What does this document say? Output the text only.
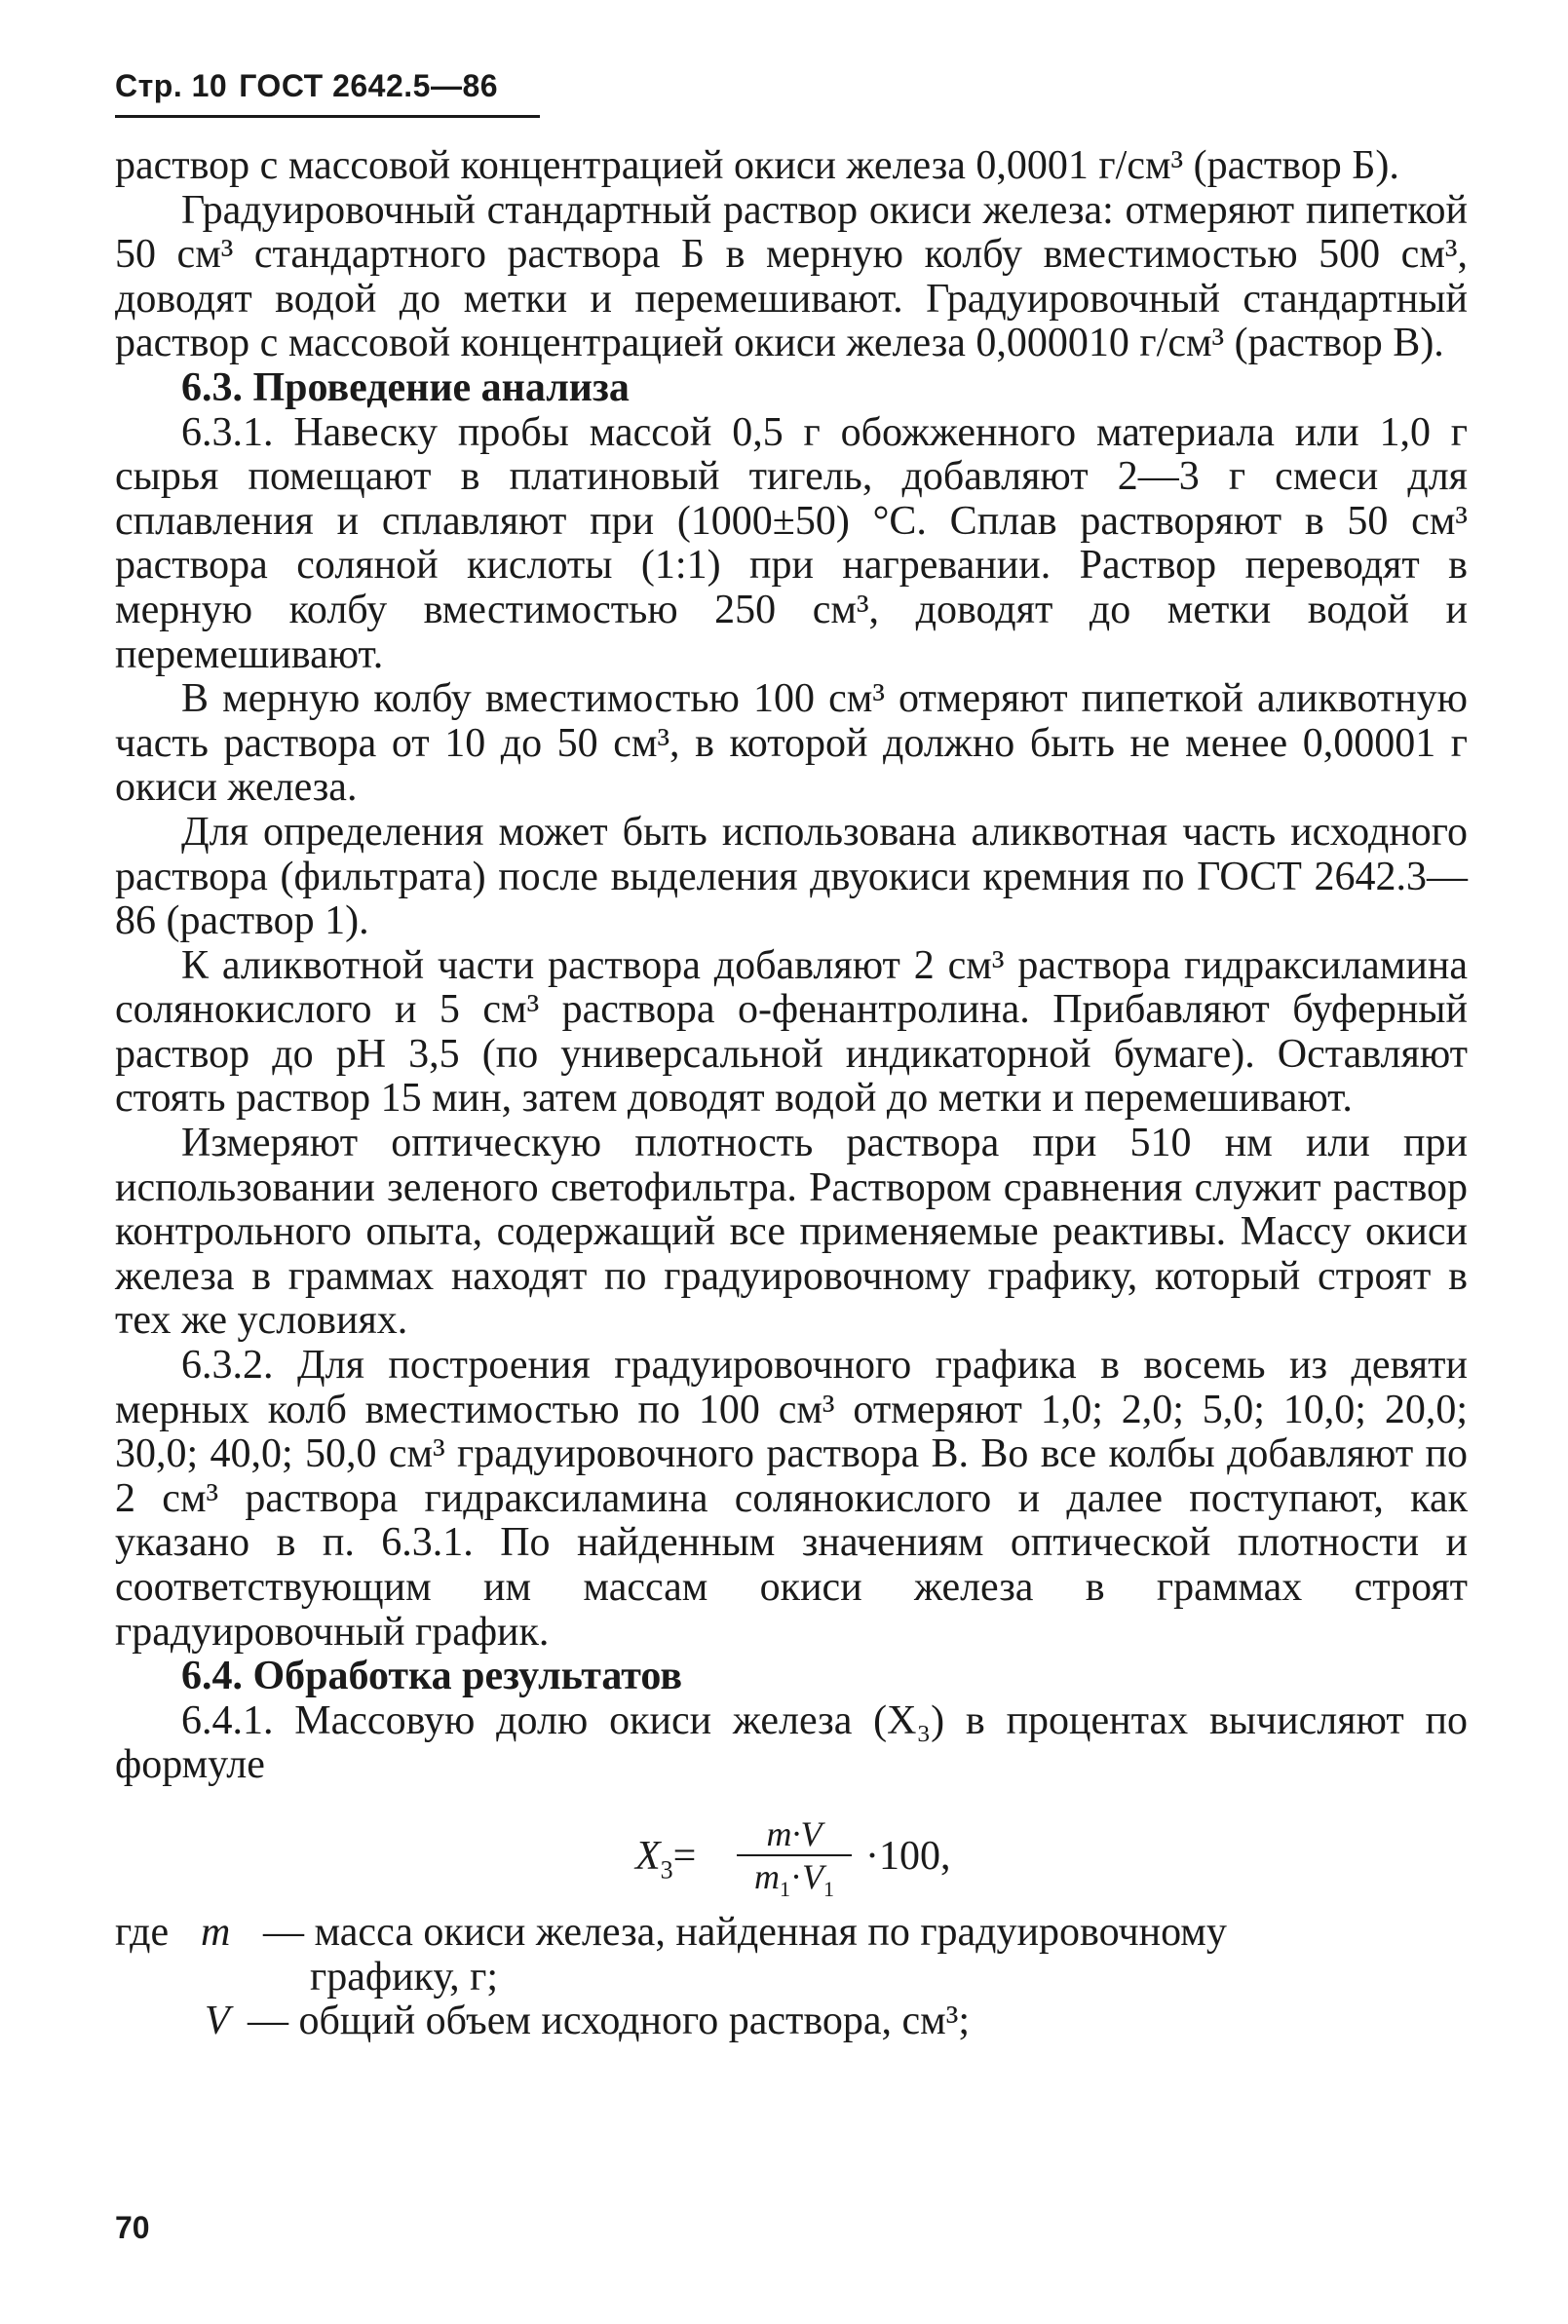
Стр. 10 ГОСТ 2642.5—86

раствор с массовой концентрацией окиси железа 0,0001 г/см³ (раствор Б).

Градуировочный стандартный раствор окиси железа: отмеряют пипеткой 50 см³ стандартного раствора Б в мерную колбу вместимостью 500 см³, доводят водой до метки и перемешивают. Градуировочный стандартный раствор с массовой концентрацией окиси железа 0,000010 г/см³ (раствор В).

6.3. Проведение анализа

6.3.1. Навеску пробы массой 0,5 г обожженного материала или 1,0 г сырья помещают в платиновый тигель, добавляют 2—3 г смеси для сплавления и сплавляют при (1000±50) °С. Сплав растворяют в 50 см³ раствора соляной кислоты (1:1) при нагревании. Раствор переводят в мерную колбу вместимостью 250 см³, доводят до метки водой и перемешивают.

В мерную колбу вместимостью 100 см³ отмеряют пипеткой аликвотную часть раствора от 10 до 50 см³, в которой должно быть не менее 0,00001 г окиси железа.

Для определения может быть использована аликвотная часть исходного раствора (фильтрата) после выделения двуокиси кремния по ГОСТ 2642.3—86 (раствор 1).

К аликвотной части раствора добавляют 2 см³ раствора гидраксиламина солянокислого и 5 см³ раствора о-фенантролина. Прибавляют буферный раствор до pH 3,5 (по универсальной индикаторной бумаге). Оставляют стоять раствор 15 мин, затем доводят водой до метки и перемешивают.

Измеряют оптическую плотность раствора при 510 нм или при использовании зеленого светофильтра. Раствором сравнения служит раствор контрольного опыта, содержащий все применяемые реактивы. Массу окиси железа в граммах находят по градуировочному графику, который строят в тех же условиях.

6.3.2. Для построения градуировочного графика в восемь из девяти мерных колб вместимостью по 100 см³ отмеряют 1,0; 2,0; 5,0; 10,0; 20,0; 30,0; 40,0; 50,0 см³ градуировочного раствора В. Во все колбы добавляют по 2 см³ раствора гидраксиламина солянокислого и далее поступают, как указано в п. 6.3.1. По найденным значениям оптической плотности и соответствующим им массам окиси железа в граммах строят градуировочный график.

6.4. Обработка результатов

6.4.1. Массовую долю окиси железа (X₃) в процентах вычисляют по формуле

$X_3=$	m·V
$m_1\cdot V_1$
·100,
где m — масса окиси железа, найденная по градуировочному
графику, г;
V — общий объем исходного раствора, см³;
70
